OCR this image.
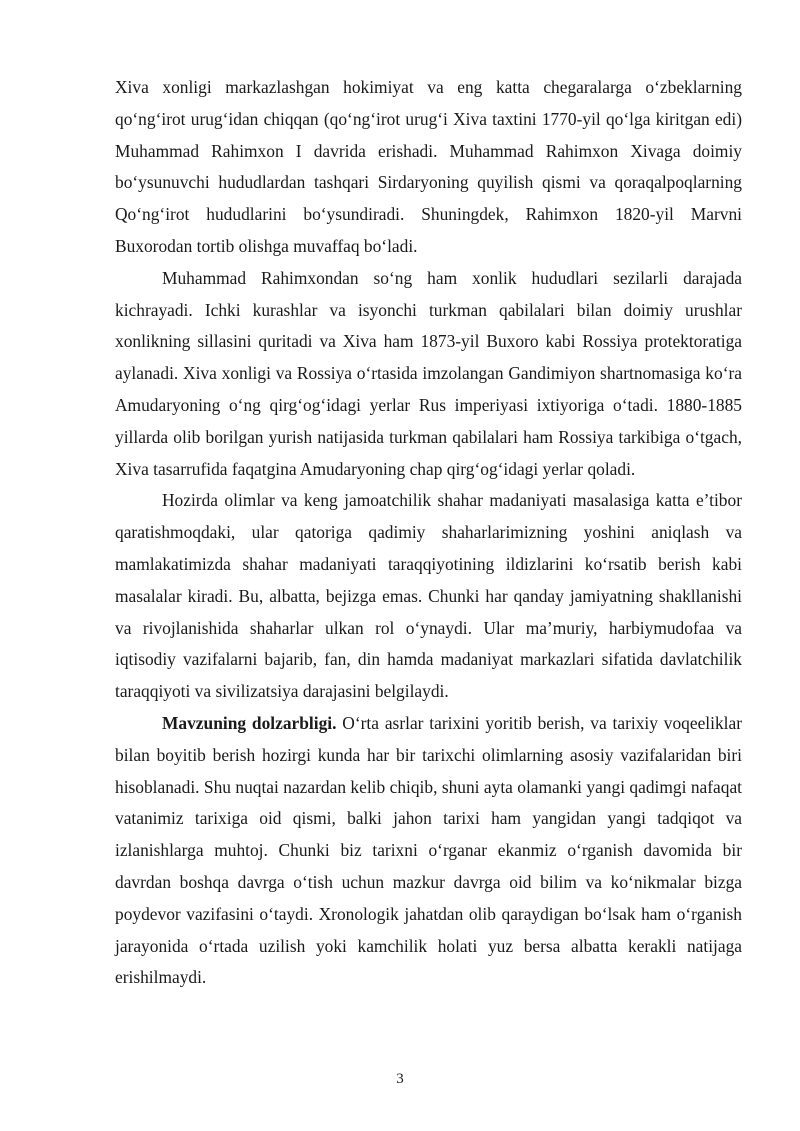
Xiva xonligi markazlashgan hokimiyat va eng katta chegaralarga o‘zbeklarning qo‘ng‘irot urug‘idan chiqqan (qo‘ng‘irot urug‘i Xiva taxtini 1770-yil qo‘lga kiritgan edi) Muhammad Rahimxon I davrida erishadi. Muhammad Rahimxon Xivaga doimiy bo‘ysunuvchi hududlardan tashqari Sirdaryoning quyilish qismi va qoraqalpoqlarning Qo‘ng‘irot hududlarini bo‘ysundiradi. Shuningdek, Rahimxon 1820-yil Marvni Buxorodan tortib olishga muvaffaq bo‘ladi.

Muhammad Rahimxondan so‘ng ham xonlik hududlari sezilarli darajada kichrayadi. Ichki kurashlar va isyonchi turkman qabilalari bilan doimiy urushlar xonlikning sillasini quritadi va Xiva ham 1873-yil Buxoro kabi Rossiya protektoratiga aylanadi. Xiva xonligi va Rossiya o‘rtasida imzolangan Gandimiyon shartnomasiga ko‘ra Amudaryoning o‘ng qirg‘og‘idagi yerlar Rus imperiyasi ixtiyoriga o‘tadi. 1880-1885 yillarda olib borilgan yurish natijasida turkman qabilalari ham Rossiya tarkibiga o‘tgach, Xiva tasarrufida faqatgina Amudaryoning chap qirg‘og‘idagi yerlar qoladi.

Hozirda olimlar va keng jamoatchilik shahar madaniyati masalasiga katta e’tibor qaratishmoqdaki, ular qatoriga qadimiy shaharlarimizning yoshini aniqlash va mamlakatimizda shahar madaniyati taraqqiyotining ildizlarini ko‘rsatib berish kabi masalalar kiradi. Bu, albatta, bejizga emas. Chunki har qanday jamiyatning shakllanishi va rivojlanishida shaharlar ulkan rol o‘ynaydi. Ular ma’muriy, harbiymudofaa va iqtisodiy vazifalarni bajarib, fan, din hamda madaniyat markazlari sifatida davlatchilik taraqqiyoti va sivilizatsiya darajasini belgilaydi.

Mavzuning dolzarbligi. O‘rta asrlar tarixini yoritib berish, va tarixiy voqeeliklar bilan boyitib berish hozirgi kunda har bir tarixchi olimlarning asosiy vazifalaridan biri hisoblanadi. Shu nuqtai nazardan kelib chiqib, shuni ayta olamanki yangi qadimgi nafaqat vatanimiz tarixiga oid qismi, balki jahon tarixi ham yangidan yangi tadqiqot va izlanishlarga muhtoj. Chunki biz tarixni o‘rganar ekanmiz o‘rganish davomida bir davrdan boshqa davrga o‘tish uchun mazkur davrga oid bilim va ko‘nikmalar bizga poydevor vazifasini o‘taydi. Xronologik jahatdan olib qaraydigan bo‘lsak ham o‘rganish jarayonida o‘rtada uzilish yoki kamchilik holati yuz bersa albatta kerakli natijaga erishilmaydi.

3
